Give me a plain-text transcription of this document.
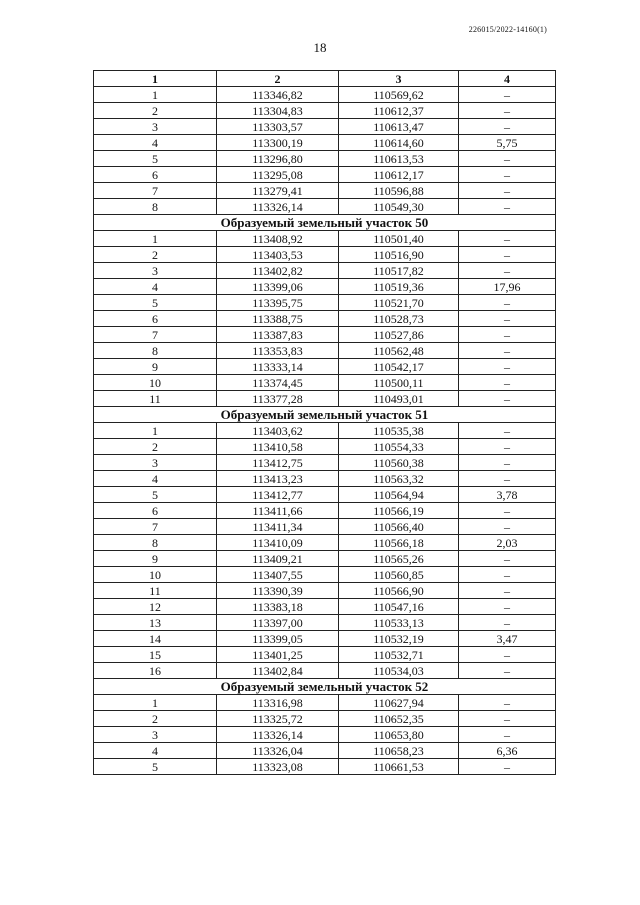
226015/2022-14160(1)
18
1	2	3	4
1	113346,82	110569,62	–
2	113304,83	110612,37	–
3	113303,57	110613,47	–
4	113300,19	110614,60	5,75
5	113296,80	110613,53	–
6	113295,08	110612,17	–
7	113279,41	110596,88	–
8	113326,14	110549,30	–
Образуемый земельный участок 50			
1	113408,92	110501,40	–
2	113403,53	110516,90	–
3	113402,82	110517,82	–
4	113399,06	110519,36	17,96
5	113395,75	110521,70	–
6	113388,75	110528,73	–
7	113387,83	110527,86	–
8	113353,83	110562,48	–
9	113333,14	110542,17	–
10	113374,45	110500,11	–
11	113377,28	110493,01	–
Образуемый земельный участок 51			
1	113403,62	110535,38	–
2	113410,58	110554,33	–
3	113412,75	110560,38	–
4	113413,23	110563,32	–
5	113412,77	110564,94	3,78
6	113411,66	110566,19	–
7	113411,34	110566,40	–
8	113410,09	110566,18	2,03
9	113409,21	110565,26	–
10	113407,55	110560,85	–
11	113390,39	110566,90	–
12	113383,18	110547,16	–
13	113397,00	110533,13	–
14	113399,05	110532,19	3,47
15	113401,25	110532,71	–
16	113402,84	110534,03	–
Образуемый земельный участок 52			
1	113316,98	110627,94	–
2	113325,72	110652,35	–
3	113326,14	110653,80	–
4	113326,04	110658,23	6,36
5	113323,08	110661,53	–
